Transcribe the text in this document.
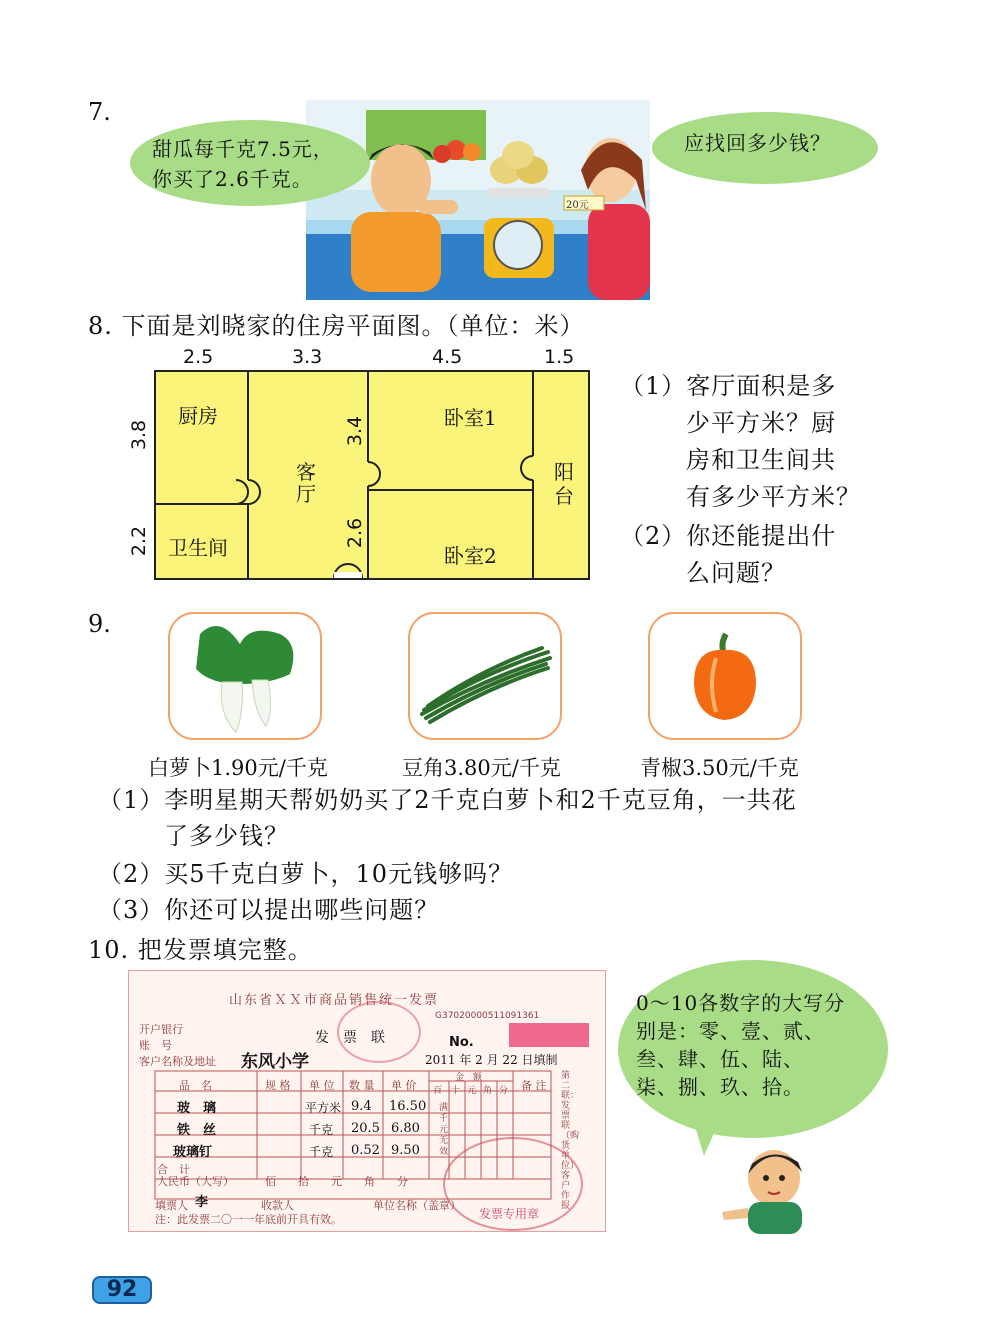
7.
甜瓜每千克7.5元，
你买了2.6千克。
应找回多少钱？
20元
8. 下面是刘晓家的住房平面图。（单位：米）
2.5	3.3	4.5	1.5
3.8
2.2
厨房
卫生间
客
厅
卧室1
卧室2
阳
台
3.4
2.6
（1）客厅面积是多
少平方米？厨
房和卫生间共
有多少平方米？
（2）你还能提出什
么问题？
9.
白萝卜1.90元/千克	豆角3.80元/千克	青椒3.50元/千克
（1）李明星期天帮奶奶买了2千克白萝卜和2千克豆角，一共花
了多少钱？
（2）买5千克白萝卜，10元钱够吗？
（3）你还可以提出哪些问题？
10. 把发票填完整。
山东省ＸＸ市商品销售统一发票
G37020000511091361
开户银行
账　号	发　票　联	No.
客户名称及地址 东风小学	2011 年 2 月 22 日填制
品　名	规 格 单 位 数 量 单 价
金　额
备 注
百 十 元 角 分
玻　璃	平方米 9.4 16.50
铁　丝	千克 20.5 6.80
玻璃钉	千克 0.52 9.50
第二联：发票联（购货单位）客户作报
满千元无效
合　计
人民币（大写）	佰　　拾　　元　　角　　分
填票人 李	收款人	单位名称（盖章）
注：此发票二〇一一年底前开具有效。	发票专用章
0～10各数字的大写分
别是：零、壹、贰、
叁、肆、伍、陆、
柒、捌、玖、拾。
92
